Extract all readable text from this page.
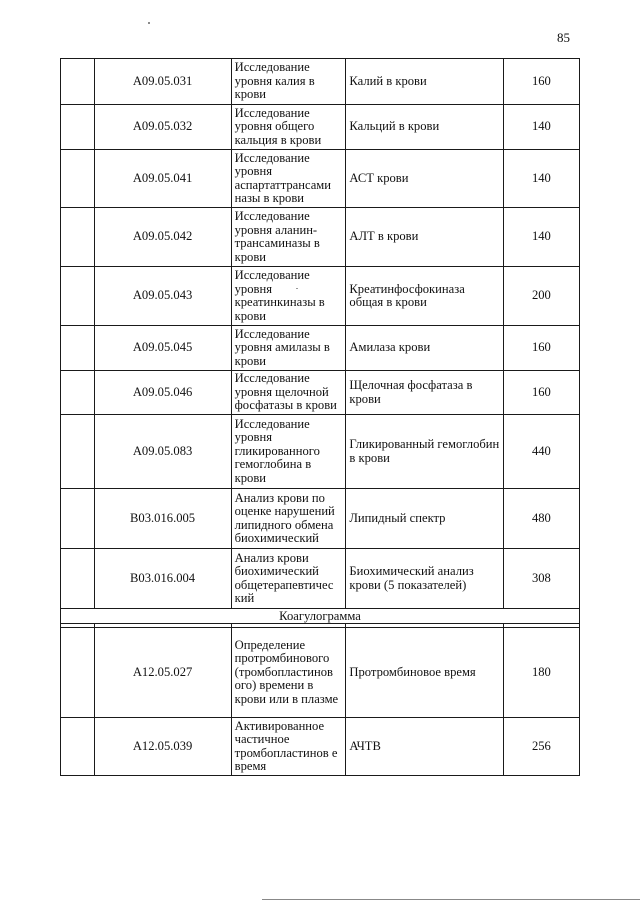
85
	А09.05.031	Исследование уровня калия в крови	Калий в крови	160
	А09.05.032	Исследование уровня общего кальция в крови	Кальций в крови	140
	А09.05.041	Исследование уровня аспартаттрансами назы в крови	АСТ крови	140
	А09.05.042	Исследование уровня аланин-трансаминазы в крови	АЛТ в крови	140
	А09.05.043	Исследование уровня креатинкиназы в крови	Креатинфосфокиназа общая в крови	200
	А09.05.045	Исследование уровня амилазы в крови	Амилаза крови	160
	А09.05.046	Исследование уровня щелочной фосфатазы в крови	Щелочная фосфатаза в крови	160
	А09.05.083	Исследование уровня гликированного гемоглобина в крови	Гликированный гемоглобин в крови	440
	В03.016.005	Анализ крови по оценке нарушений липидного обмена биохимический	Липидный спектр	480
	В03.016.004	Анализ крови биохимический общетерапевтичес кий	Биохимический анализ крови (5 показателей)	308
Коагулограмма				

	А12.05.027	Определение протромбинового (тромбопластинов ого) времени в крови или в плазме	Протромбиновое время	180
	А12.05.039	Активированное частичное тромбопластинов е время	АЧТВ	256
